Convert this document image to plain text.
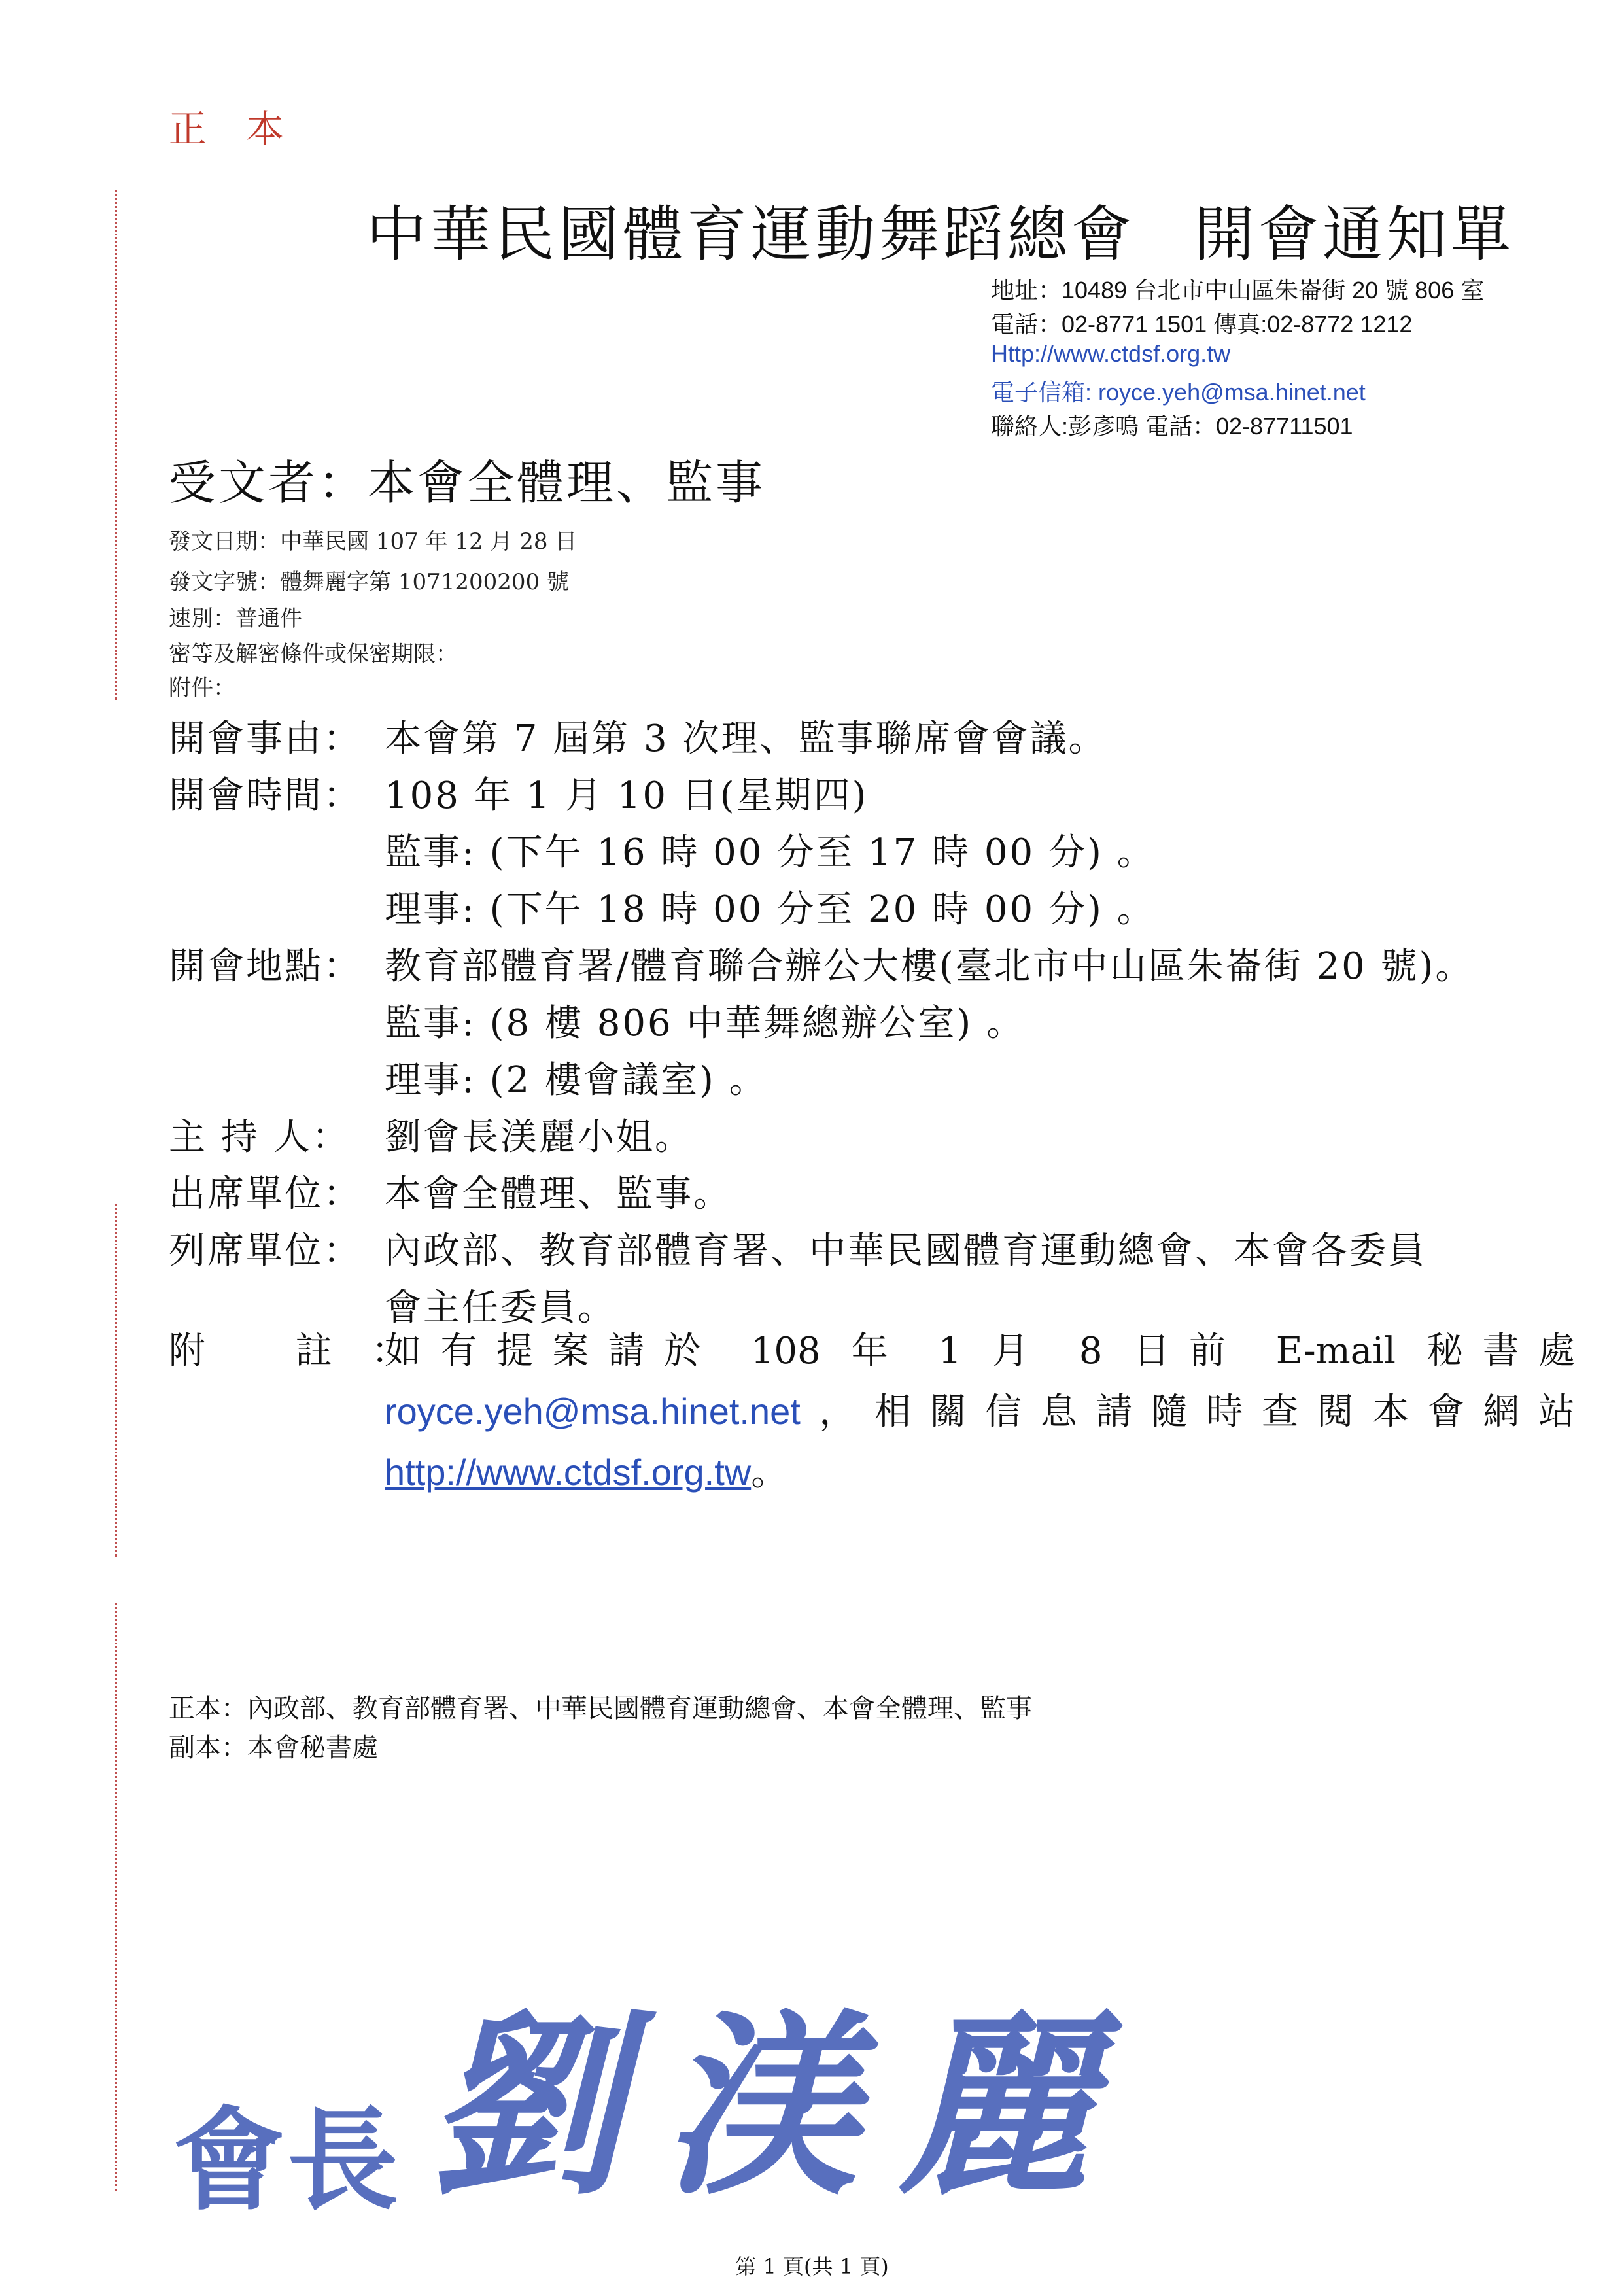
正本
中華民國體育運動舞蹈總會 開會通知單
地址：10489 台北市中山區朱崙街 20 號 806 室
電話：02-8771 1501 傳真:02-8772 1212
Http://www.ctdsf.org.tw
電子信箱: royce.yeh@msa.hinet.net
聯絡人:彭彥鳴 電話：02-87711501
受文者：本會全體理、監事
發文日期：中華民國 107 年 12 月 28 日
發文字號：體舞麗字第 1071200200 號
速別：普通件
密等及解密條件或保密期限：
附件：
開會事由： 本會第 7 屆第 3 次理、監事聯席會會議。
開會時間： 108 年 1 月 10 日(星期四)
監事: (下午 16 時 00 分至 17 時 00 分) 。
理事: (下午 18 時 00 分至 20 時 00 分) 。
開會地點： 教育部體育署/體育聯合辦公大樓(臺北市中山區朱崙街 20 號)。
監事: (8 樓 806 中華舞總辦公室) 。
理事: (2 樓會議室) 。
主 持 人： 劉會長渼麗小姐。
出席單位： 本會全體理、監事。
列席單位： 內政部、教育部體育署、中華民國體育運動總會、本會各委員
會主任委員。
附 註：
如有提案請於 108 年 1 月 8 日前 E-mail 秘書處 royce.yeh@msa.hinet.net，相關信息請隨時查閱本會網站 http://www.ctdsf.org.tw。
正本：內政部、教育部體育署、中華民國體育運動總會、本會全體理、監事
副本：本會秘書處
會長 劉渼麗
第 1 頁(共 1 頁)
